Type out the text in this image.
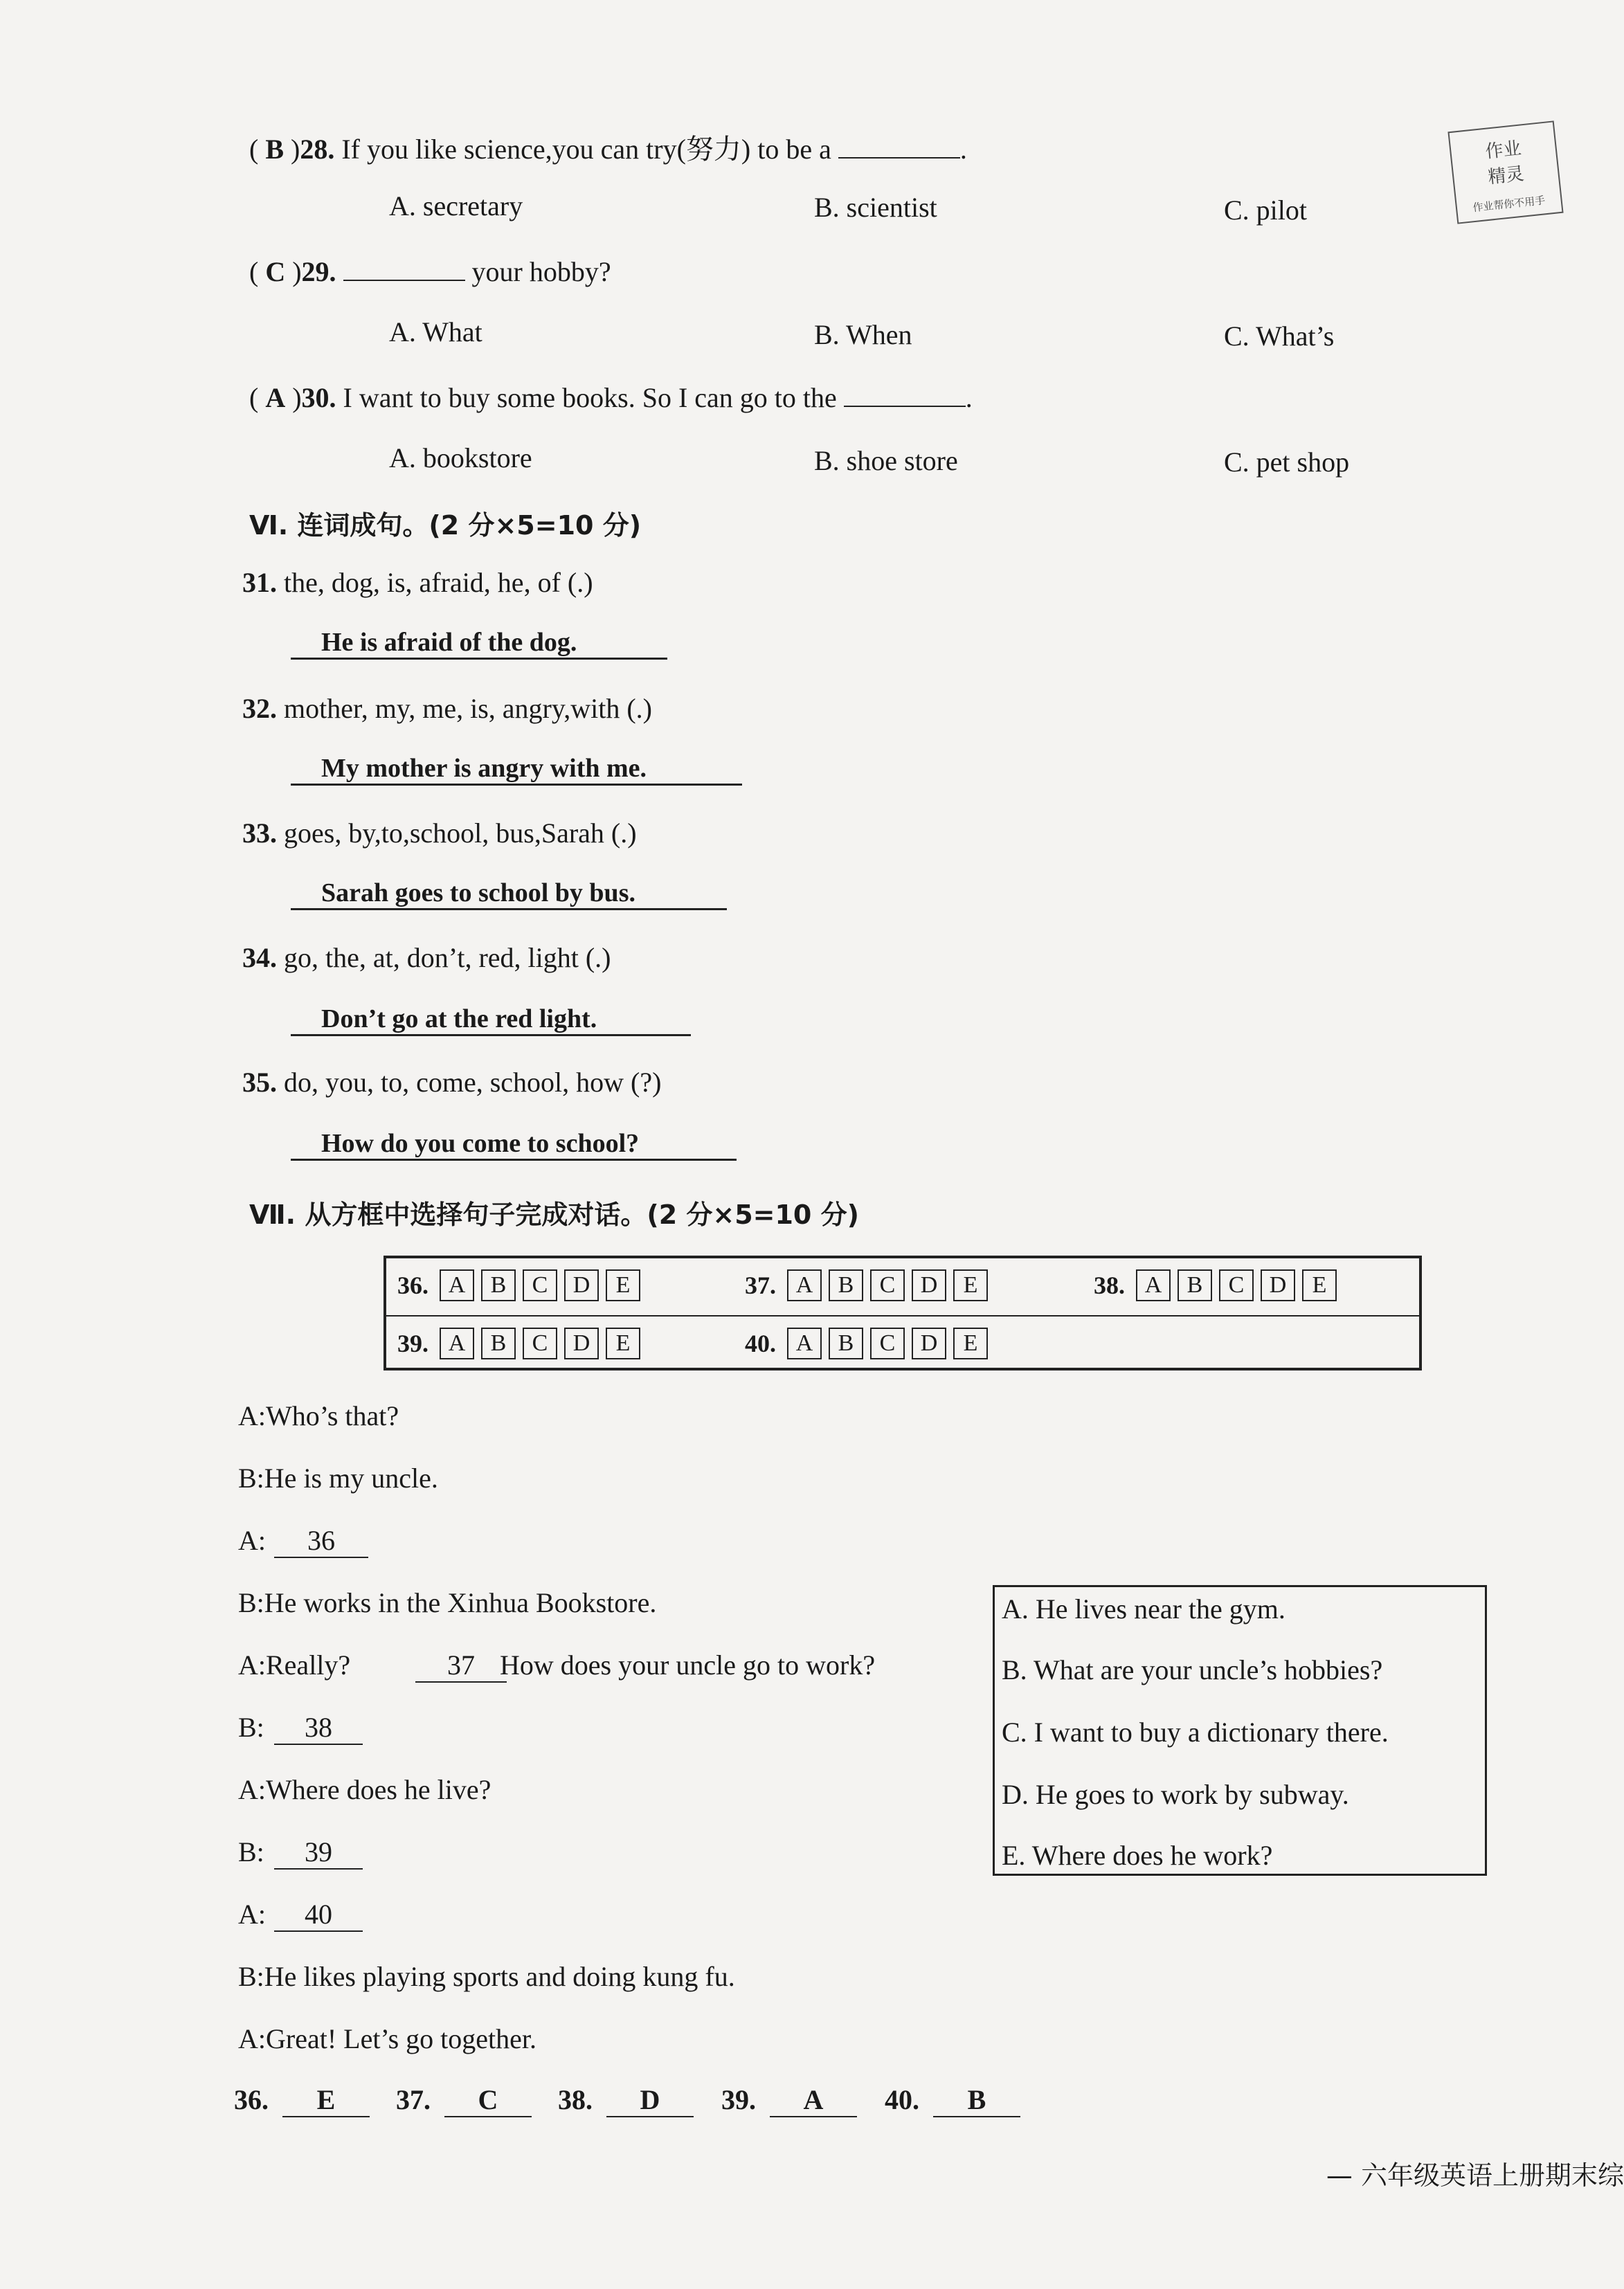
作业
精灵
作业帮你不用手
( B )28. If you like science,you can try(努力) to be a	.
A. secretary	B. scientist	C. pilot
( C )29.	your hobby?
A. What	B. When	C. What’s
( A )30. I want to buy some books. So I can go to the	.
A. bookstore	B. shoe store	C. pet shop
Ⅵ. 连词成句。(2 分×5=10 分)
31. the, dog, is, afraid, he, of (.)
He is afraid of the dog.
32. mother, my, me, is, angry,with (.)
My mother is angry with me.
33. goes, by,to,school, bus,Sarah (.)
Sarah goes to school by bus.
34. go, the, at, don’t, red, light (.)
Don’t go at the red light.
35. do, you, to, come, school, how (?)
How do you come to school?
Ⅶ. 从方框中选择句子完成对话。(2 分×5=10 分)
36. A	B	C	D	E	37. A	B	C	D	E	38. A	B	C	D	E
39. A	B	C	D	E	40. A	B	C	D	E
A:Who’s that?
B:He is my uncle.
A:	36
B:He works in the Xinhua Bookstore.
A:Really?	37 How does your uncle go to work?
B:	38
A:Where does he live?
B:	39
A:	40
B:He likes playing sports and doing kung fu.
A:Great! Let’s go together.
A. He lives near the gym.
B. What are your uncle’s hobbies?
C. I want to buy a dictionary there.
D. He goes to work by subway.
E. Where does he work?
36.	E	37.	C	38.	D	39.	A	40.	B
— 六年级英语上册期末综
